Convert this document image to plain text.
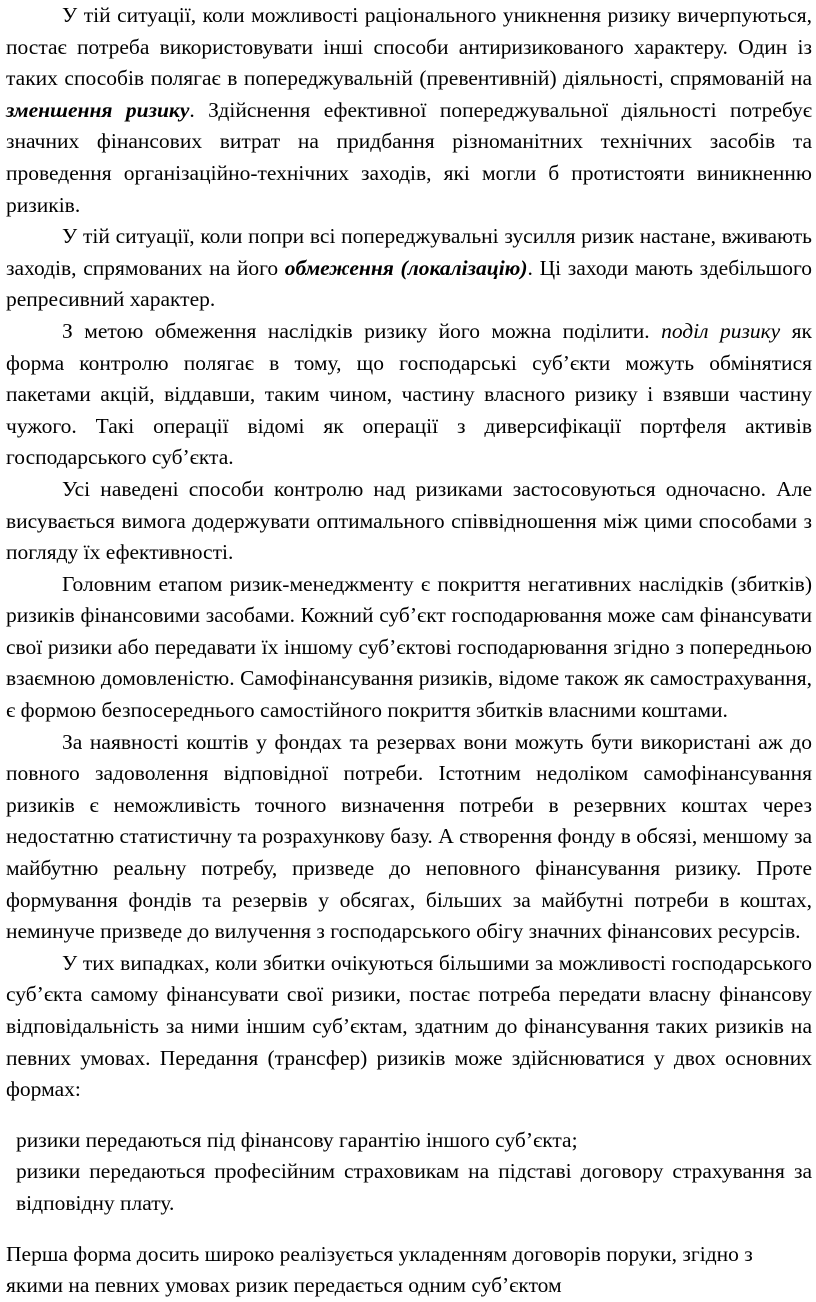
У тій ситуації, коли можливості раціонального уникнення ризику вичерпуються, постає потреба використовувати інші способи антиризикованого характеру. Один із таких способів полягає в попереджувальній (превентивній) діяльності, спрямованій на зменшення ризику. Здійснення ефективної попереджувальної діяльності потребує значних фінансових витрат на придбання різноманітних технічних засобів та проведення організаційно-технічних заходів, які могли б протистояти виникненню ризиків.

У тій ситуації, коли попри всі попереджувальні зусилля ризик настане, вживають заходів, спрямованих на його обмеження (локалізацію). Ці заходи мають здебільшого репресивний характер.

З метою обмеження наслідків ризику його можна поділити. поділ ризику як форма контролю полягає в тому, що господарські суб’єкти можуть обмінятися пакетами акцій, віддавши, таким чином, частину власного ризику і взявши частину чужого. Такі операції відомі як операції з диверсифікації портфеля активів господарського суб’єкта.

Усі наведені способи контролю над ризиками застосовуються одночасно. Але висувається вимога додержувати оптимального співвідношення між цими способами з погляду їх ефективності.

Головним етапом ризик-менеджменту є покриття негативних наслідків (збитків) ризиків фінансовими засобами. Кожний суб’єкт господарювання може сам фінансувати свої ризики або передавати їх іншому суб’єктові господарювання згідно з попередньою взаємною домовленістю. Самофінансування ризиків, відоме також як самострахування, є формою безпосереднього самостійного покриття збитків власними коштами.

За наявності коштів у фондах та резервах вони можуть бути використані аж до повного задоволення відповідної потреби. Істотним недоліком самофінансування ризиків є неможливість точного визначення потреби в резервних коштах через недостатню статистичну та розрахункову базу. А створення фонду в обсязі, меншому за майбутню реальну потребу, призведе до неповного фінансування ризику. Проте формування фондів та резервів у обсягах, більших за майбутні потреби в коштах, неминуче призведе до вилучення з господарського обігу значних фінансових ресурсів.

У тих випадках, коли збитки очікуються більшими за можливості господарського суб’єкта самому фінансувати свої ризики, постає потреба передати власну фінансову відповідальність за ними іншим суб’єктам, здатним до фінансування таких ризиків на певних умовах. Передання (трансфер) ризиків може здійснюватися у двох основних формах:

ризики передаються під фінансову гарантію іншого суб’єкта;
ризики передаються професійним страховикам на підставі договору страхування за відповідну плату.

Перша форма досить широко реалізується укладенням договорів поруки, згідно з якими на певних умовах ризик передається одним суб’єктом
